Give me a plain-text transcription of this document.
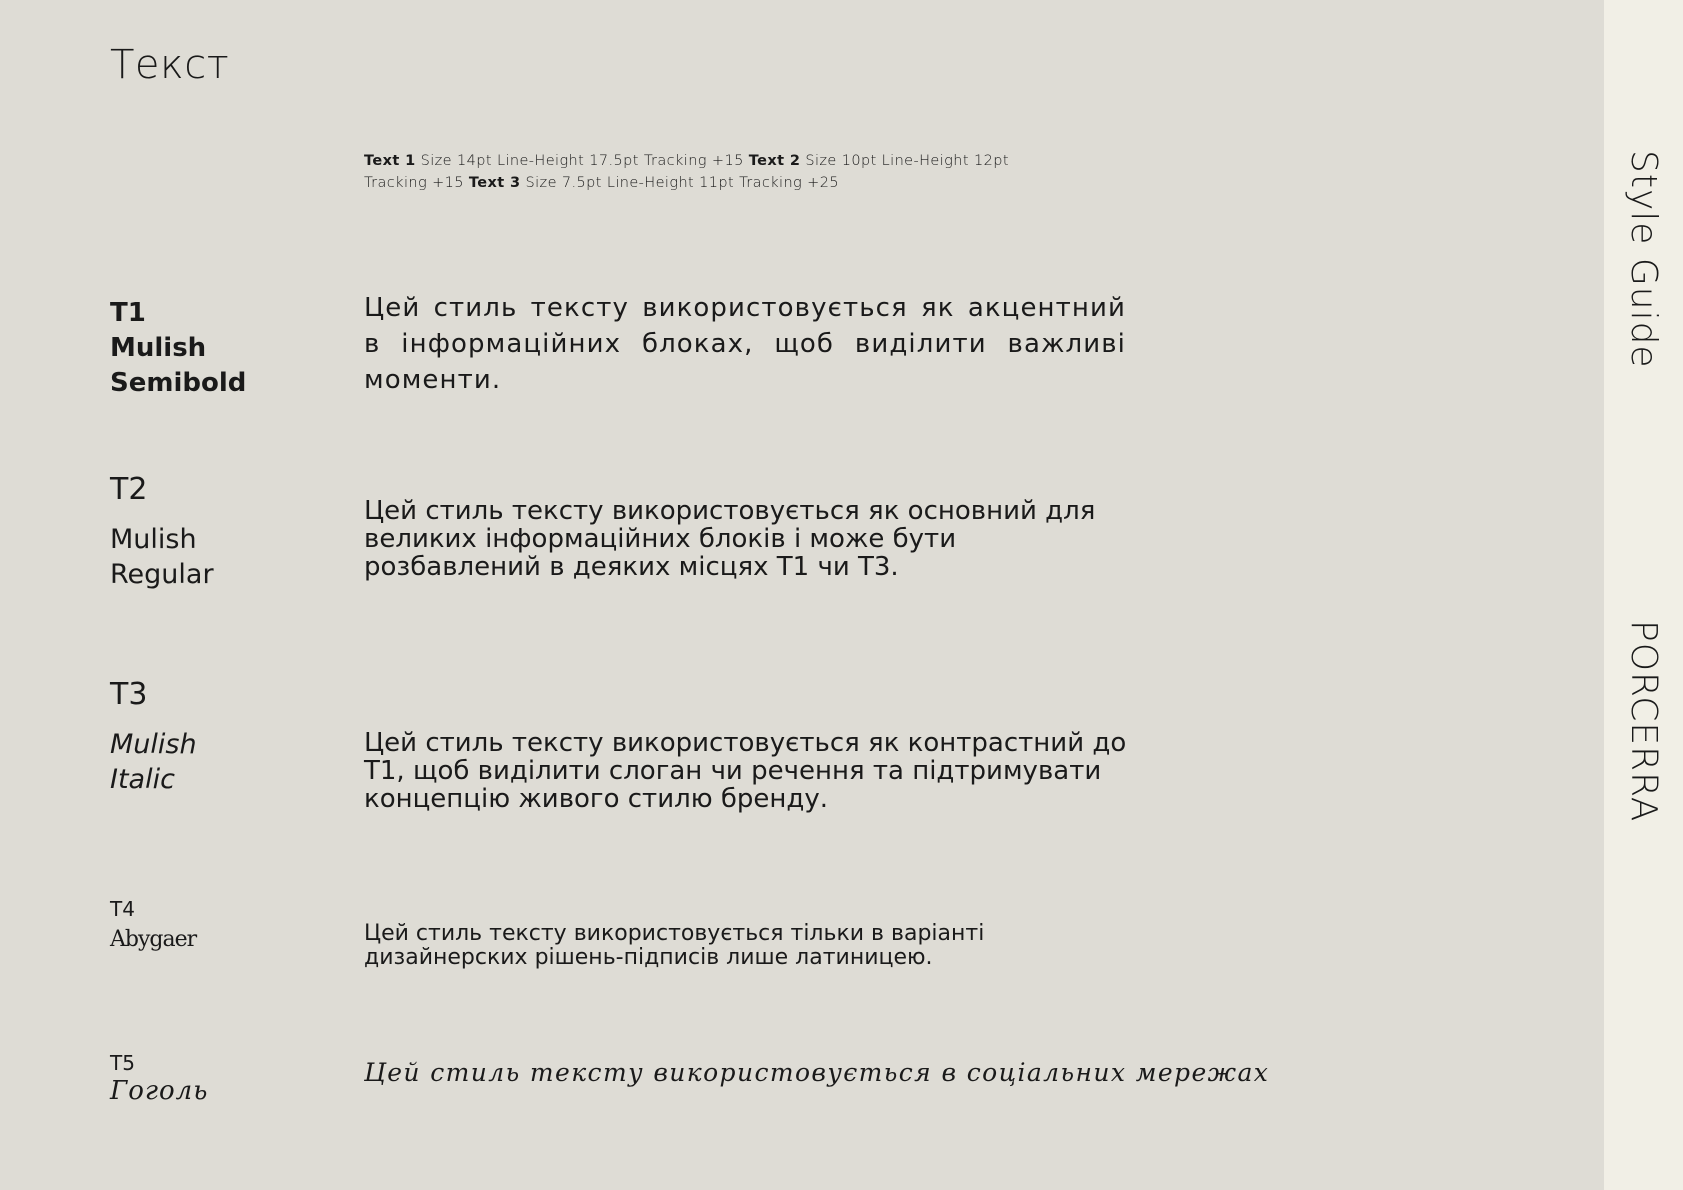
Текст
Text 1 Size 14pt Line-Height 17.5pt Tracking +15 Text 2 Size 10pt Line-Height 12pt Tracking +15 Text 3 Size 7.5pt Line-Height 11pt Tracking +25
T1
Mulish
Semibold
Цей стиль тексту використовується як акцентний в інформаційних блоках, щоб виділити важливі моменти.
T2
Mulish
Regular
Цей стиль тексту використовується як основний для великих інформаційних блоків і може бути розбавлений в деяких місцях Т1 чи Т3.
T3
Mulish
Italic
Цей стиль тексту використовується як контрастний до Т1, щоб виділити слоган чи речення та підтримувати концепцію живого стилю бренду.
T4
Abygaer	Цей стиль тексту використовується тільки в варіанті дизайнерских рішень-підписів лише латиницею.
T5
Гоголь
Цей стиль тексту використовується в соціальних мережах
Style Guide
PORCERRA
